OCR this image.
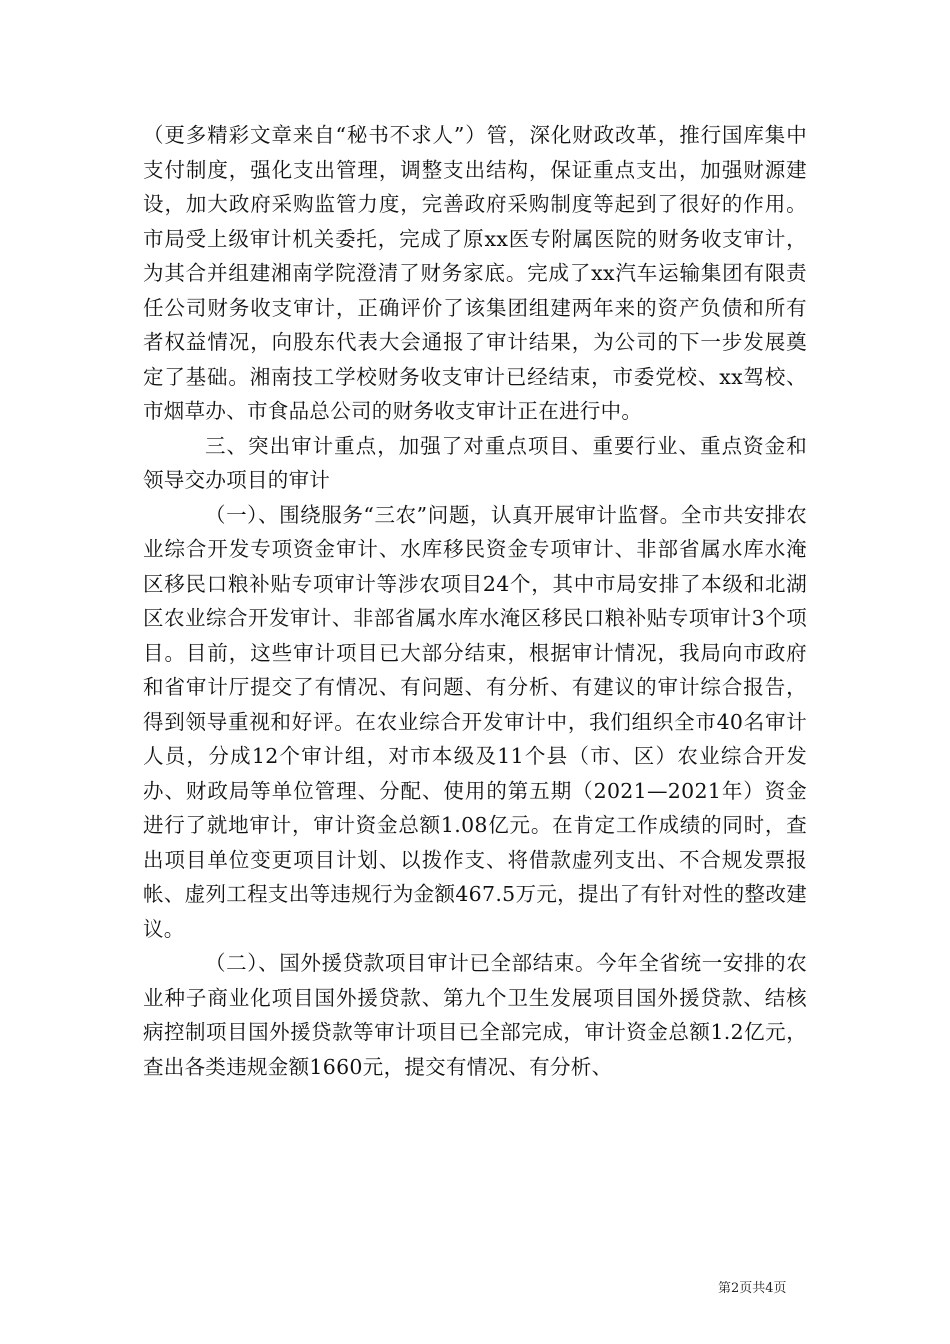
（更多精彩文章来自“秘书不求人”）管，深化财政改革，推行国库集中支付制度，强化支出管理，调整支出结构，保证重点支出，加强财源建设，加大政府采购监管力度，完善政府采购制度等起到了很好的作用。市局受上级审计机关委托，完成了原xx医专附属医院的财务收支审计，为其合并组建湘南学院澄清了财务家底。完成了xx汽车运输集团有限责任公司财务收支审计，正确评价了该集团组建两年来的资产负债和所有者权益情况，向股东代表大会通报了审计结果，为公司的下一步发展奠定了基础。湘南技工学校财务收支审计已经结束，市委党校、xx驾校、市烟草办、市食品总公司的财务收支审计正在进行中。

三、突出审计重点，加强了对重点项目、重要行业、重点资金和领导交办项目的审计

（一）、围绕服务“三农”问题，认真开展审计监督。全市共安排农业综合开发专项资金审计、水库移民资金专项审计、非部省属水库水淹区移民口粮补贴专项审计等涉农项目24个，其中市局安排了本级和北湖区农业综合开发审计、非部省属水库水淹区移民口粮补贴专项审计3个项目。目前，这些审计项目已大部分结束，根据审计情况，我局向市政府和省审计厅提交了有情况、有问题、有分析、有建议的审计综合报告，得到领导重视和好评。在农业综合开发审计中，我们组织全市40名审计人员，分成12个审计组，对市本级及11个县（市、区）农业综合开发办、财政局等单位管理、分配、使用的第五期（2021—2021年）资金进行了就地审计，审计资金总额1.08亿元。在肯定工作成绩的同时，查出项目单位变更项目计划、以拨作支、将借款虚列支出、不合规发票报帐、虚列工程支出等违规行为金额467.5万元，提出了有针对性的整改建议。

（二）、国外援贷款项目审计已全部结束。今年全省统一安排的农业种子商业化项目国外援贷款、第九个卫生发展项目国外援贷款、结核病控制项目国外援贷款等审计项目已全部完成，审计资金总额1.2亿元，查出各类违规金额1660元，提交有情况、有分析、

第2页共4页
